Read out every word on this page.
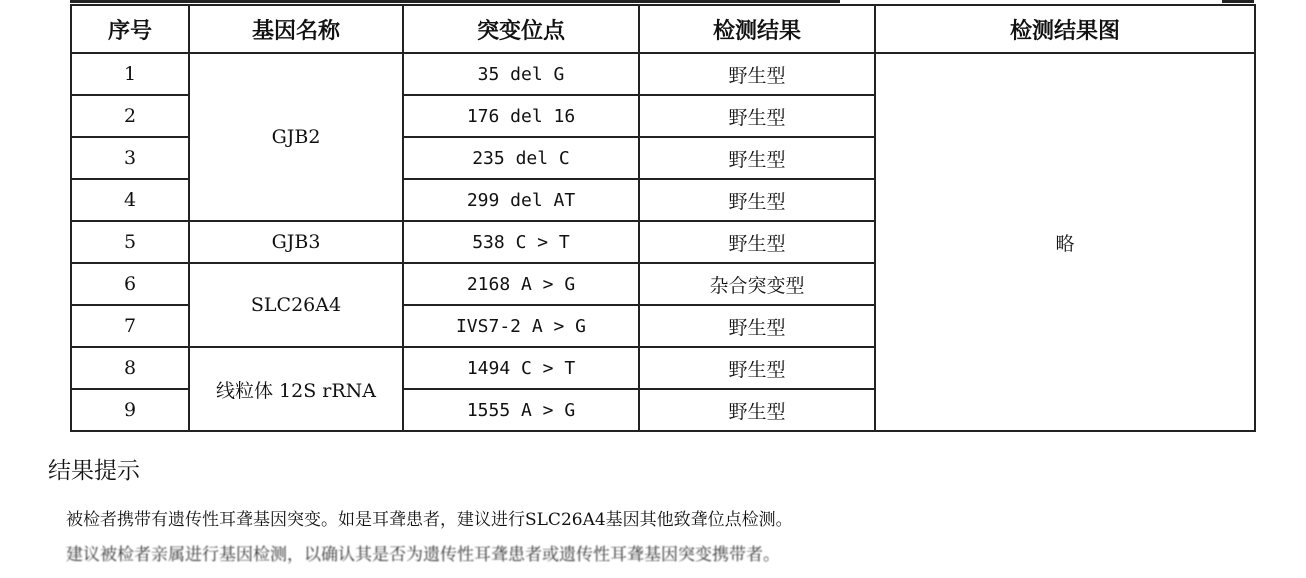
序号	基因名称	突变位点	检测结果	检测结果图
1	GJB2	35 del G	野生型	略
2		176 del 16	野生型	
3		235 del C	野生型	
4		299 del AT	野生型	
5	GJB3	538 C > T	野生型	
6	SLC26A4	2168 A > G	杂合突变型	
7		IVS7-2 A > G	野生型	
8	线粒体 12S rRNA	1494 C > T	野生型	
9		1555 A > G	野生型	
结果提示
被检者携带有遗传性耳聋基因突变。如是耳聋患者，建议进行SLC26A4基因其他致聋位点检测。
建议被检者亲属进行基因检测，以确认其是否为遗传性耳聋患者或遗传性耳聋基因突变携带者。
